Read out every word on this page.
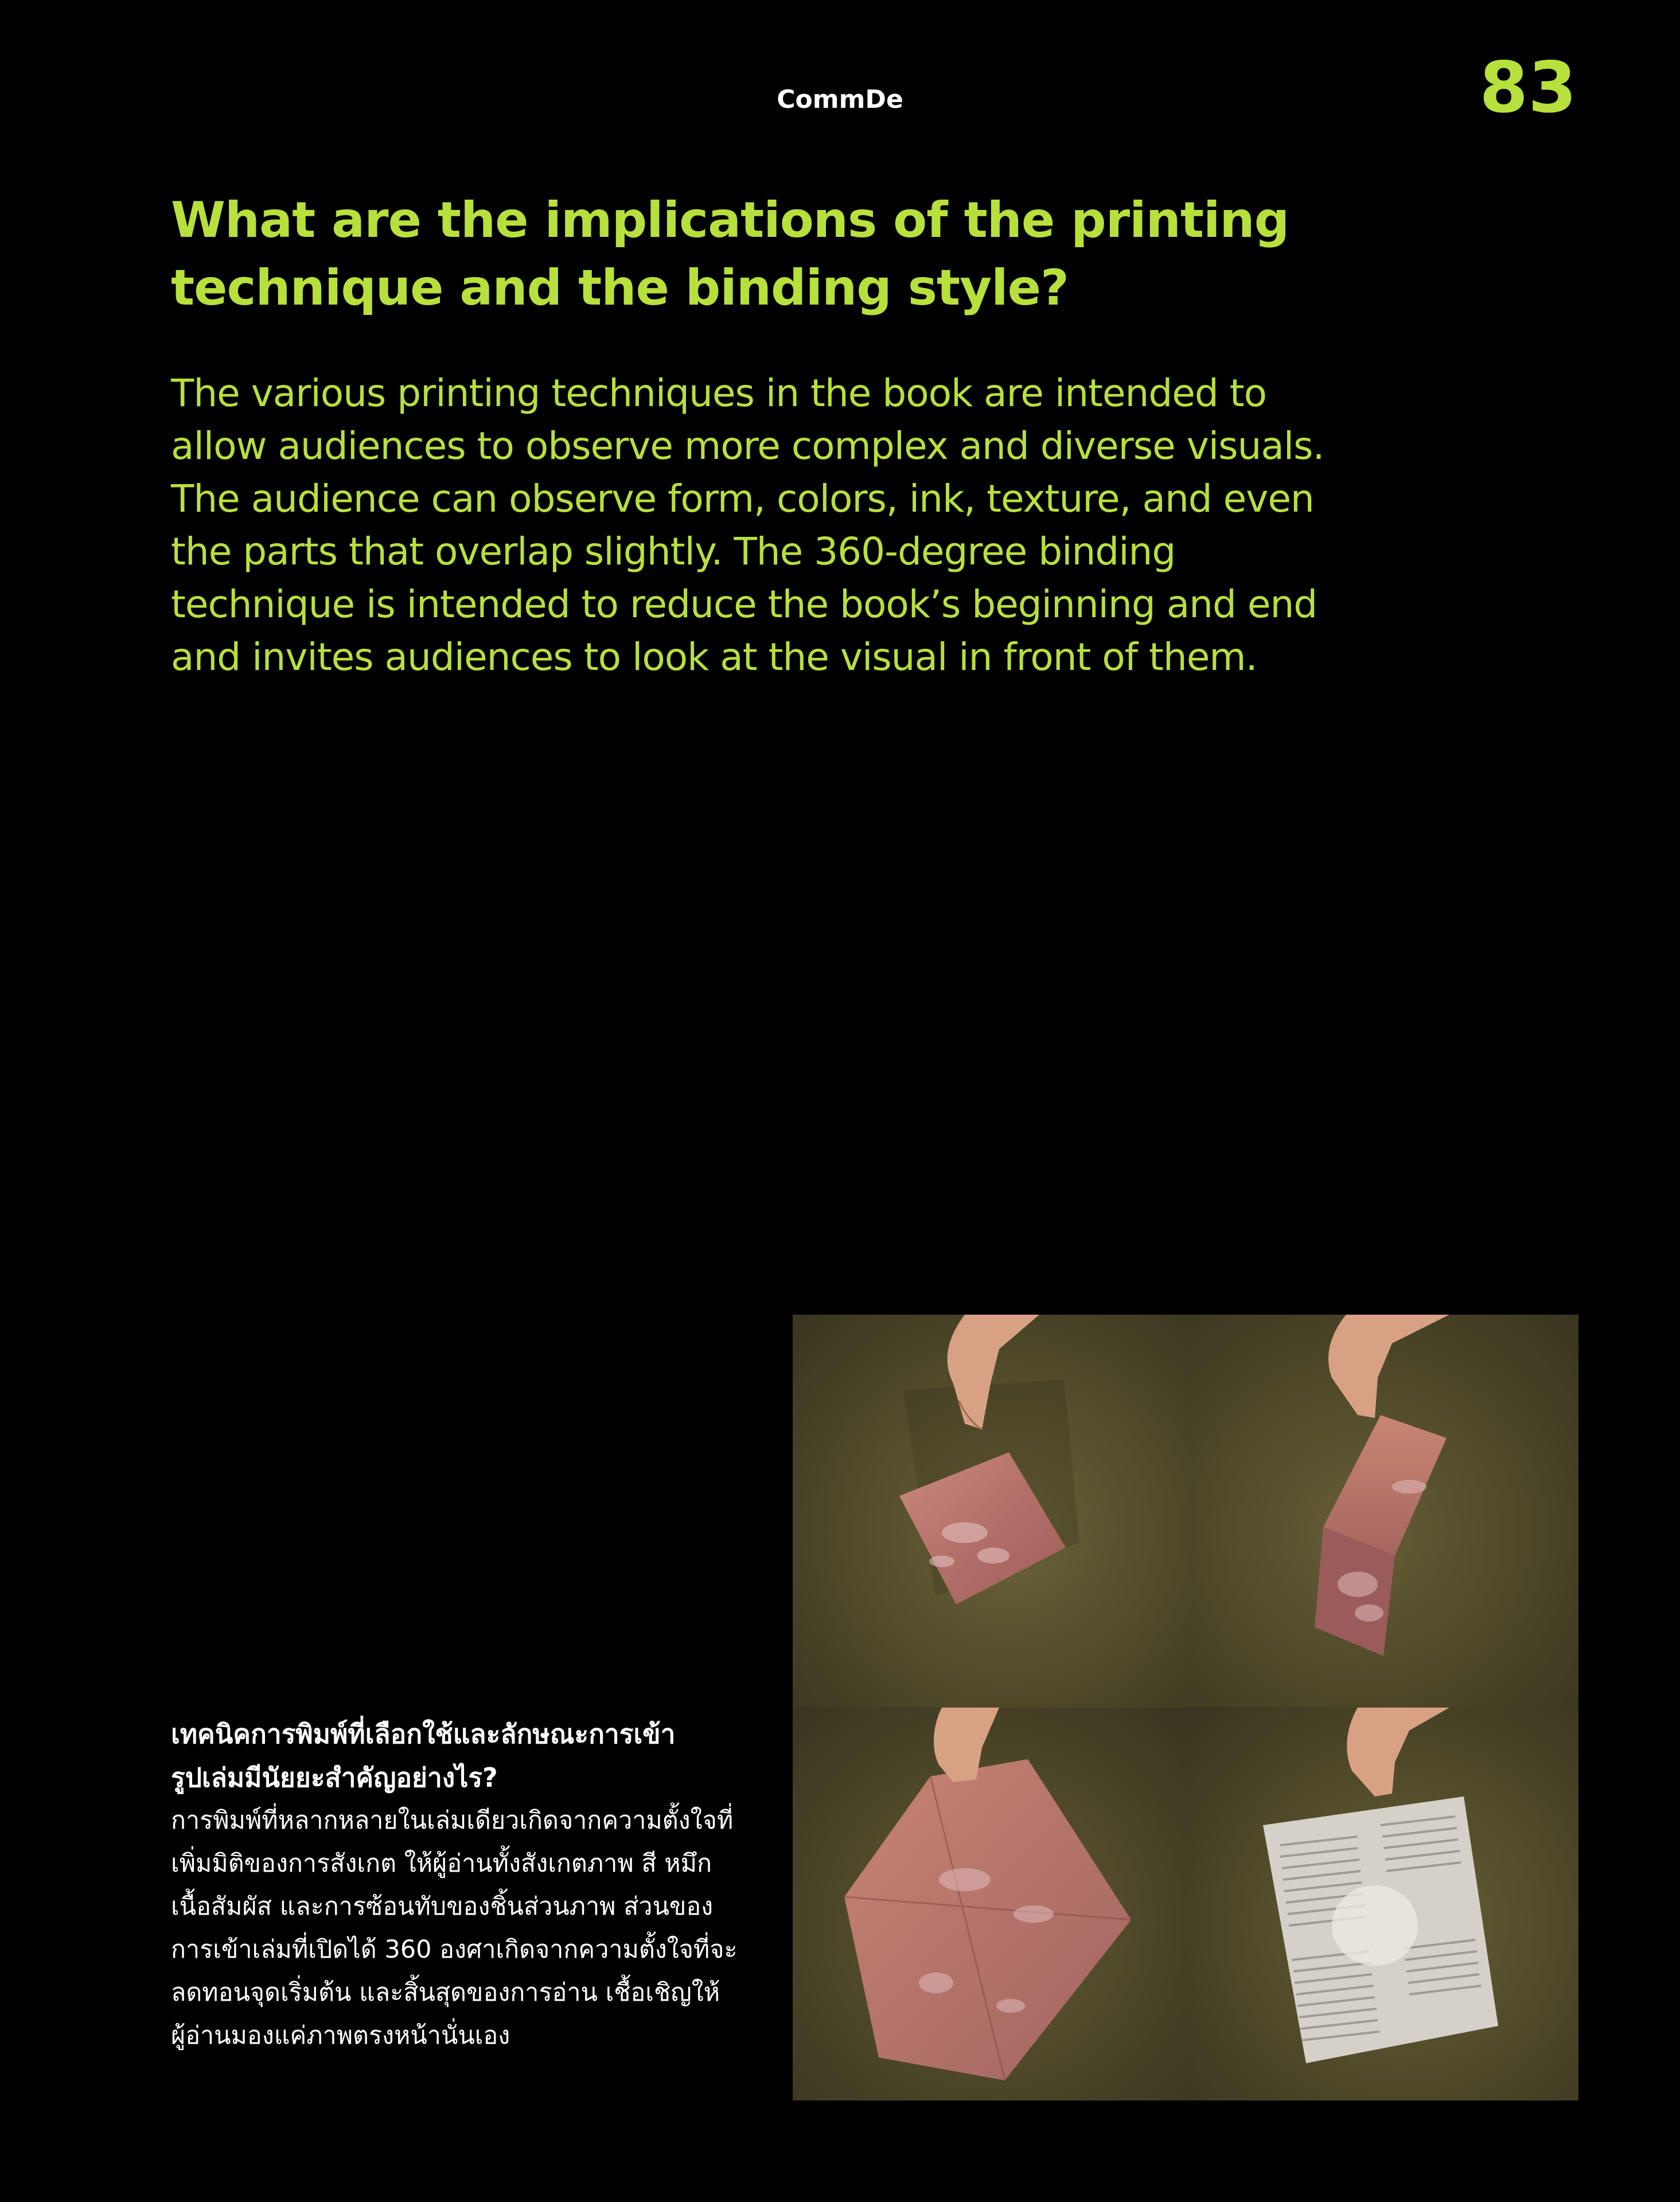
CommDe	83
What are the implications of the printing
technique and the binding style?

The various printing techniques in the book are intended to
allow audiences to observe more complex and diverse visuals.
The audience can observe form, colors, ink, texture, and even
the parts that overlap slightly. The 360-degree binding
technique is intended to reduce the book’s beginning and end
and invites audiences to look at the visual in front of them.

เทคนิคการพิมพ์ที่เลือกใช้และลักษณะการเข้า
รูปเล่มมีนัยยะสำคัญอย่างไร?

การพิมพ์ที่หลากหลายในเล่มเดียวเกิดจากความตั้งใจที่
เพิ่มมิติของการสังเกต ให้ผู้อ่านทั้งสังเกตภาพ สี หมึก
เนื้อสัมผัส และการซ้อนทับของชิ้นส่วนภาพ ส่วนของ
การเข้าเล่มที่เปิดได้ 360 องศาเกิดจากความตั้งใจที่จะ
ลดทอนจุดเริ่มต้น และสิ้นสุดของการอ่าน เชื้อเชิญให้
ผู้อ่านมองแค่ภาพตรงหน้านั่นเอง
